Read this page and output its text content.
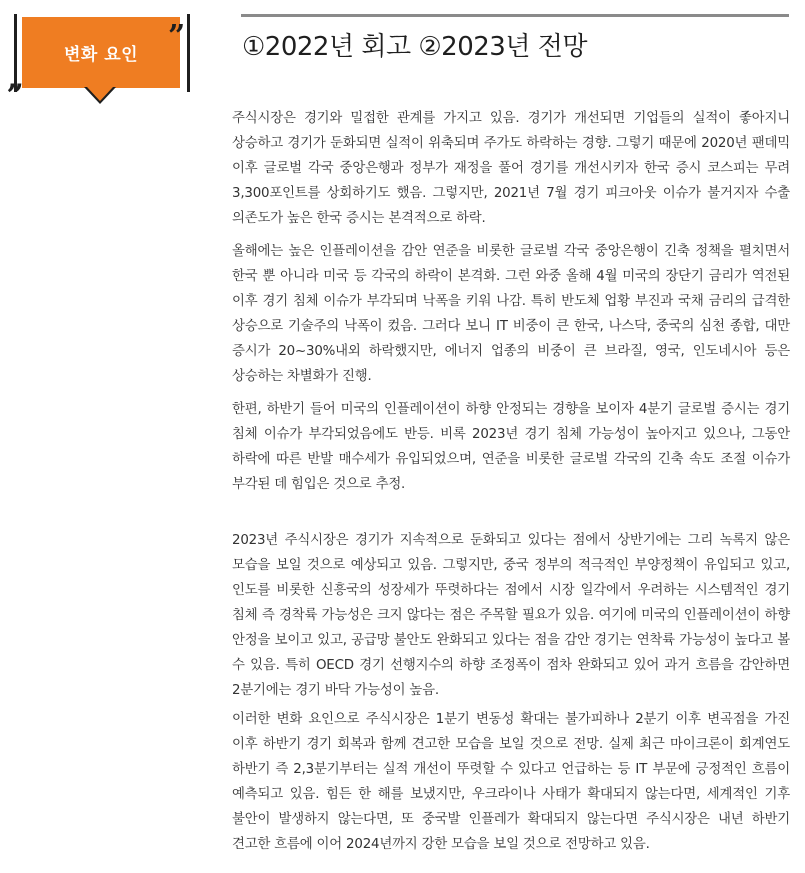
변화 요인
”
„
①2022년 회고 ②2023년 전망

주식시장은 경기와 밀접한 관계를 가지고 있음. 경기가 개선되면 기업들의 실적이 좋아지니 상승하고 경기가 둔화되면 실적이 위축되며 주가도 하락하는 경향. 그렇기 때문에 2020년 팬데믹 이후 글로벌 각국 중앙은행과 정부가 재정을 풀어 경기를 개선시키자 한국 증시 코스피는 무려 3,300포인트를 상회하기도 했음. 그렇지만, 2021년 7월 경기 피크아웃 이슈가 불거지자 수출 의존도가 높은 한국 증시는 본격적으로 하락.

올해에는 높은 인플레이션을 감안 연준을 비롯한 글로벌 각국 중앙은행이 긴축 정책을 펼치면서 한국 뿐 아니라 미국 등 각국의 하락이 본격화. 그런 와중 올해 4월 미국의 장단기 금리가 역전된 이후 경기 침체 이슈가 부각되며 낙폭을 키워 나감. 특히 반도체 업황 부진과 국채 금리의 급격한 상승으로 기술주의 낙폭이 컸음. 그러다 보니 IT 비중이 큰 한국, 나스닥, 중국의 심천 종합, 대만 증시가 20~30%내외 하락했지만, 에너지 업종의 비중이 큰 브라질, 영국, 인도네시아 등은 상승하는 차별화가 진행.

한편, 하반기 들어 미국의 인플레이션이 하향 안정되는 경향을 보이자 4분기 글로벌 증시는 경기 침체 이슈가 부각되었음에도 반등. 비록 2023년 경기 침체 가능성이 높아지고 있으나, 그동안 하락에 따른 반발 매수세가 유입되었으며, 연준을 비롯한 글로벌 각국의 긴축 속도 조절 이슈가 부각된 데 힘입은 것으로 추정.

2023년 주식시장은 경기가 지속적으로 둔화되고 있다는 점에서 상반기에는 그리 녹록지 않은 모습을 보일 것으로 예상되고 있음. 그렇지만, 중국 정부의 적극적인 부양정책이 유입되고 있고, 인도를 비롯한 신흥국의 성장세가 뚜렷하다는 점에서 시장 일각에서 우려하는 시스템적인 경기 침체 즉 경착륙 가능성은 크지 않다는 점은 주목할 필요가 있음. 여기에 미국의 인플레이션이 하향 안정을 보이고 있고, 공급망 불안도 완화되고 있다는 점을 감안 경기는 연착륙 가능성이 높다고 볼 수 있음. 특히 OECD 경기 선행지수의 하향 조정폭이 점차 완화되고 있어 과거 흐름을 감안하면 2분기에는 경기 바닥 가능성이 높음.

이러한 변화 요인으로 주식시장은 1분기 변동성 확대는 불가피하나 2분기 이후 변곡점을 가진 이후 하반기 경기 회복과 함께 견고한 모습을 보일 것으로 전망. 실제 최근 마이크론이 회계연도 하반기 즉 2,3분기부터는 실적 개선이 뚜렷할 수 있다고 언급하는 등 IT 부문에 긍정적인 흐름이 예측되고 있음. 힘든 한 해를 보냈지만, 우크라이나 사태가 확대되지 않는다면, 세계적인 기후 불안이 발생하지 않는다면, 또 중국발 인플레가 확대되지 않는다면 주식시장은 내년 하반기 견고한 흐름에 이어 2024년까지 강한 모습을 보일 것으로 전망하고 있음.
